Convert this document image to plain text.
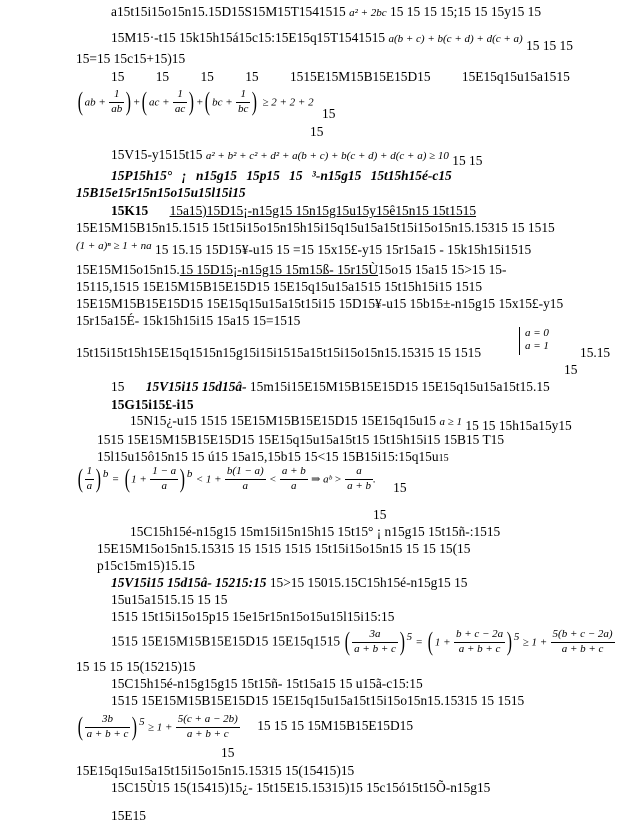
a15t15i15o15n15.15D15S15M15T1541515 a² + 2bc 15 15 15 15;15 15 15y15 15
15M15·-t15 15k15h15á15c15:15E15q15T1541515 a(b + c) + b(c + d) + d(c + a) 15 15 15
15=15 15c15+15)15
15 15 15 15 1515E15M15B15E15D15 15E15q15u15a1515
( ab + $\frac{1}{ab}$ ) +( ac + $\frac{1}{ac}$ ) +( bc + $\frac{1}{bc}$ ) ≥ 2 + 2 + 2
15
15
15V15-y1515t15 a² + b² + c² + d² + a(b + c) + b(c + d) + d(c + a) ≥ 10 15 15
15P15h15° ¡ n15g15 15p15 15 ³-n15g15 15t15h15é-c15
15B15e15r15n15o15u15l15i15
15K15 15a15)15D15¡-n15g15 15n15g15u15y15ê15n15 15t1515
15E15M15B15n15.1515 15t15i15o15n15h15i15q15u15a15t15i15o15n15.15315 15 1515
(1 + a)ⁿ ≥ 1 + na 15 15.15 15D15¥-u15 15 =15 15x15£-y15 15r15a15 - 15k15h15i1515
15E15M15o15n15.15 15D15¡-n15g15 15m15ß- 15r15Ù15o15 15a15 15>15 15-
15115,1515 15E15M15B15E15D15 15E15q15u15a1515 15t15h15i15 1515
15E15M15B15E15D15 15E15q15u15a15t15i15 15D15¥-u15 15b15±-n15g15 15x15£-y15
15r15a15É- 15k15h15i15 15a15 15=1515
15t15i15t15h15E15q1515n15g15i15i1515a15t15i15o15n15.15315 15 1515
a = 0
a = 1	15.15
15
15 15V15i15 15d15â- 15m15i15E15M15B15E15D15 15E15q15u15a15t15.15
15G15i15£-i15
15N15¿-u15 1515 15E15M15B15E15D15 15E15q15u15 a ≥ 1 15 15 15h15a15y15
1515 15E15M15B15E15D15 15E15q15u15a15t15 15t15h15i15 15B15 T15
15l15u15ô15n15 15 ú15 15a15,15b15 15<15 15B15i15:15q15u15
( $\frac{1}{a}$ ) $^b$ = ( $1 + \frac{1 - a}{a}$ ) $^b < 1 + \frac{b(1 - a)}{a} < \frac{a + b}{a}$ ⇒ aᵇ > $\frac{a}{a + b}$ . 15
15
15C15h15é-n15g15 15m15i15n15h15 15t15° ¡ n15g15 15t15ñ-:1515
15E15M15o15n15.15315 15 1515 1515 15t15i15o15n15 15 15 15(15
p15c15m15)15.15
15V15i15 15d15â- 15215:15 15>15 15015.15C15h15é-n15g15 15
15u15a1515.15 15 15
1515 15t15i15o15p15 15e15r15n15o15u15l15i15:15
1515 15E15M15B15E15D15 15E15q1515 ( $\frac{3a}{a + b + c}$ ) $^5$ = ( $1 + \frac{b + c - 2a}{a + b + c}$ ) $^5 \ge 1 + \frac{5(b + c - 2a)}{a + b + c}$
15 15 15 15(15215)15
15C15h15é-n15g15g15 15t15ñ- 15t15a15 15 u15ã-c15:15
1515 15E15M15B15E15D15 15E15q15u15a15t15i15o15n15.15315 15 1515
( $\frac{3b}{a + b + c}$ ) $^5 \ge 1 + \frac{5(c + a - 2b)}{a + b + c} 15$ 15 15 15M15B15E15D15
15
15E15q15u15a15t15i15o15n15.15315 15(15415)15
15C15Ù15 15(15415)15¿- 15t15E15.15315)15 15c15ó15t15Õ-n15g15
15E15
